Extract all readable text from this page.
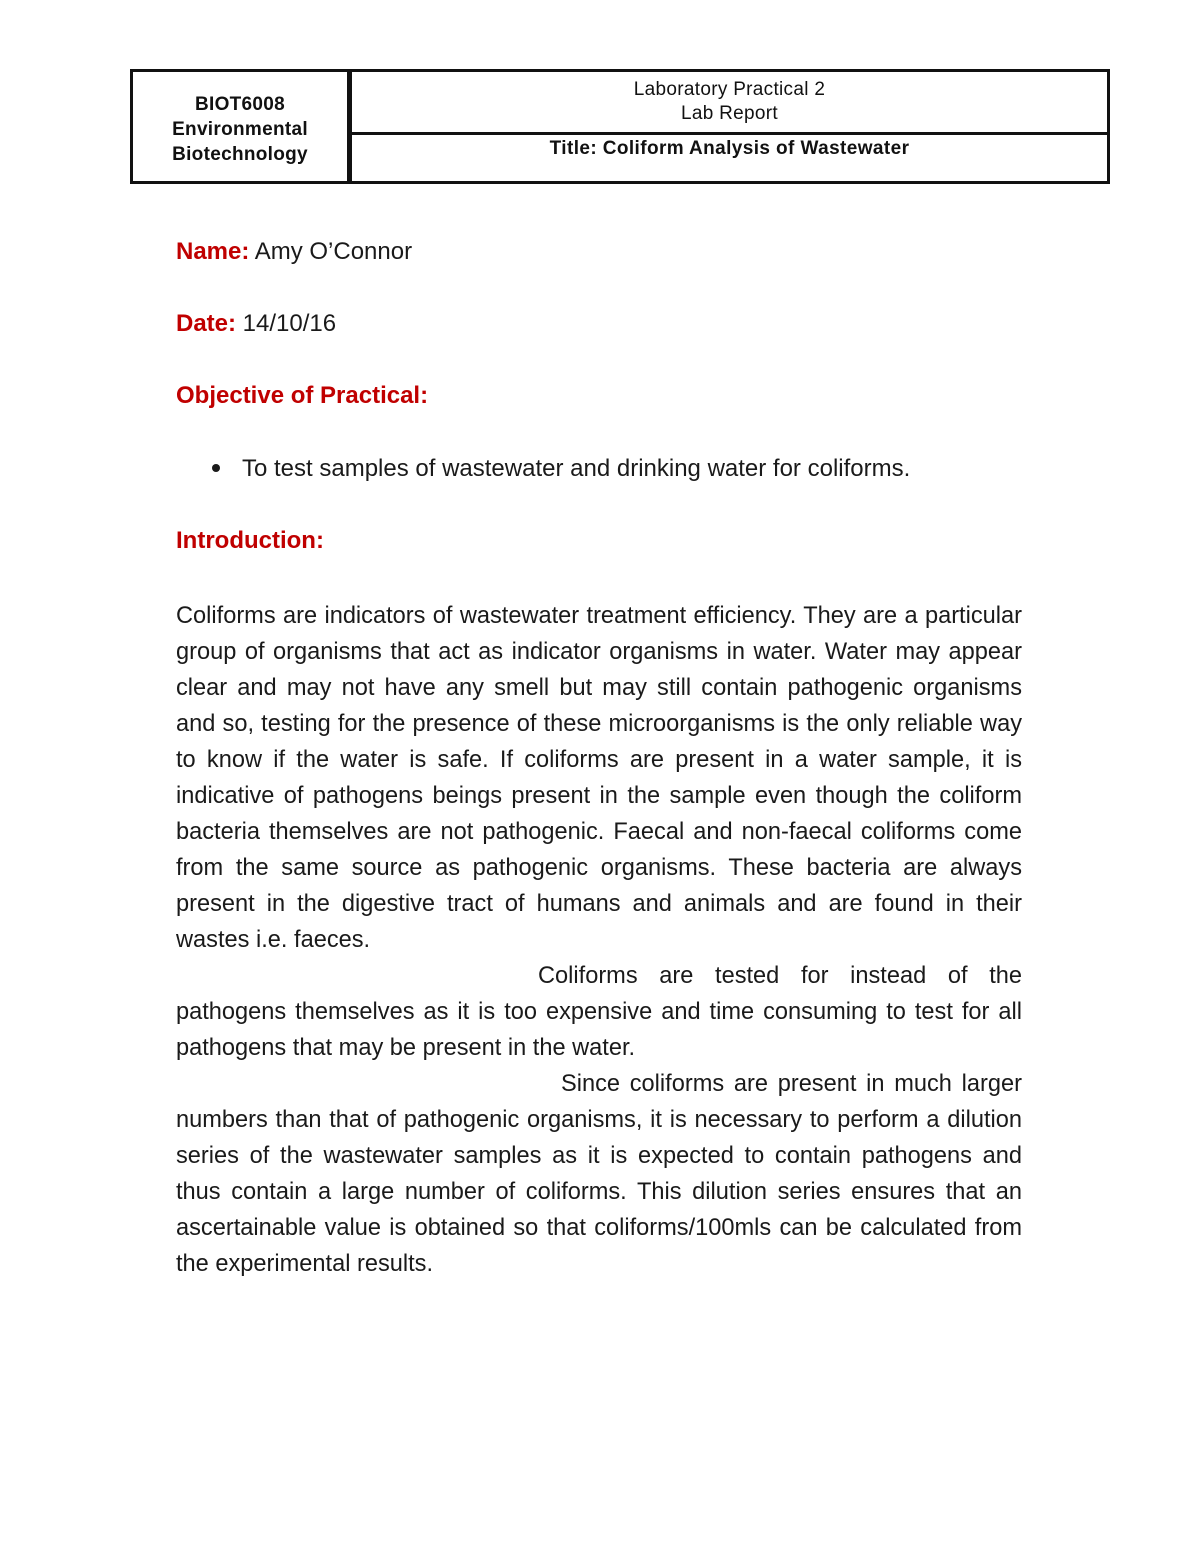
BIOT6008
Environmental
Biotechnology
Laboratory Practical 2
Lab Report
Title: Coliform Analysis of Wastewater
Name: Amy O’Connor
Date: 14/10/16
Objective of Practical:
To test samples of wastewater and drinking water for coliforms.
Introduction:

Coliforms are indicators of wastewater treatment efficiency. They are a particular group of organisms that act as indicator organisms in water. Water may appear clear and may not have any smell but may still contain pathogenic organisms and so, testing for the presence of these microorganisms is the only reliable way to know if the water is safe. If coliforms are present in a water sample, it is indicative of pathogens beings present in the sample even though the coliform bacteria themselves are not pathogenic. Faecal and non-faecal coliforms come from the same source as pathogenic organisms. These bacteria are always present in the digestive tract of humans and animals and are found in their wastes i.e. faeces.

Coliforms are tested for instead of the pathogens themselves as it is too expensive and time consuming to test for all pathogens that may be present in the water.

Since coliforms are present in much larger numbers than that of pathogenic organisms, it is necessary to perform a dilution series of the wastewater samples as it is expected to contain pathogens and thus contain a large number of coliforms. This dilution series ensures that an ascertainable value is obtained so that coliforms/100mls can be calculated from the experimental results.
